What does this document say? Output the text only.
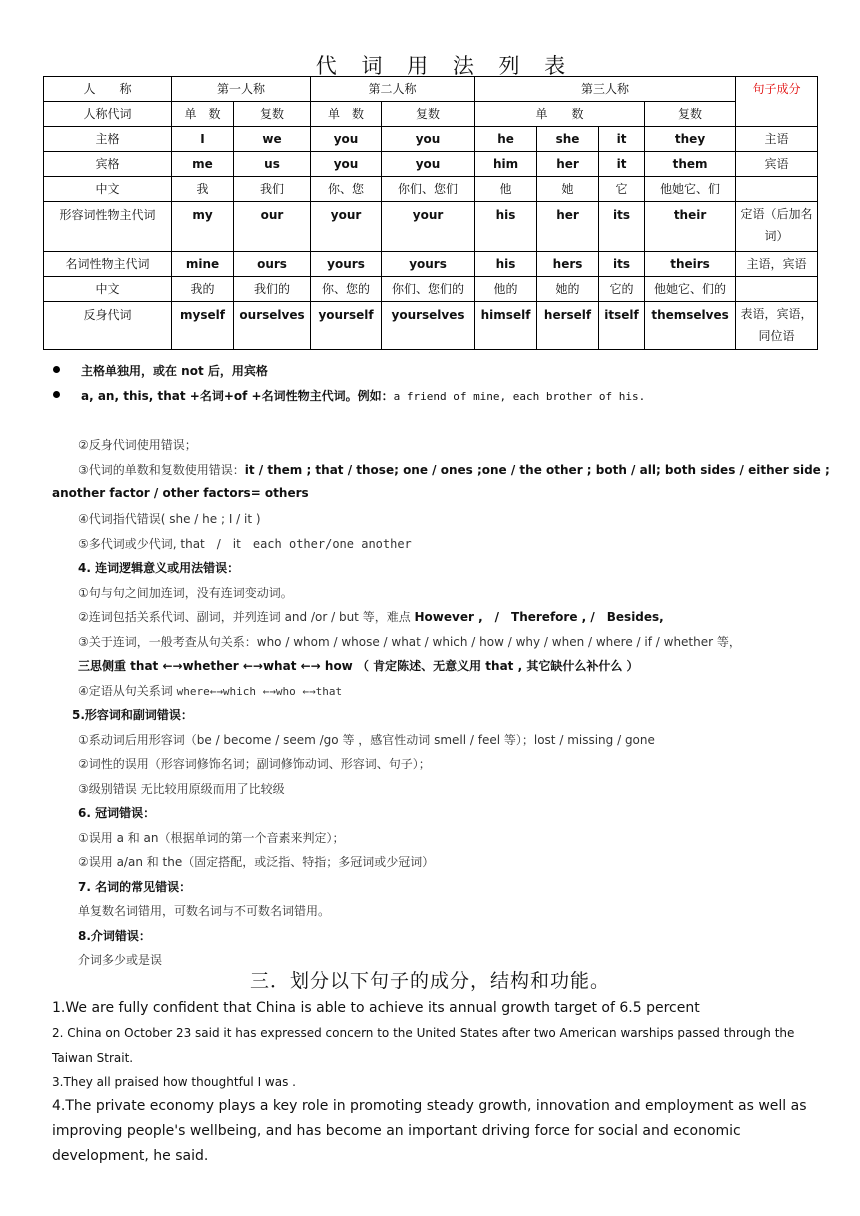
代 词 用 法 列 表
人　　称	第一人称		第二人称		第三人称				句子成分
人称代词	单　数	复数	单　数	复数	单　　数			复数	
主格	I	we	you	you	he	she	it	they	主语
宾格	me	us	you	you	him	her	it	them	宾语
中文	我	我们	你、您	你们、您们	他	她	它	他她它、们	
形容词性物主代词	my	our	your	your	his	her	its	their	定语（后加名词）
名词性物主代词	mine	ours	yours	yours	his	hers	its	theirs	主语，宾语
中文	我的	我们的	你、您的	你们、您们的	他的	她的	它的	他她它、们的	
反身代词	myself	ourselves	yourself	yourselves	himself	herself	itself	themselves	表语，宾语，同位语
主格单独用，或在 not 后，用宾格
a, an, this, that +名词+of +名词性物主代词。例如：a friend of mine, each brother of his.
②反身代词使用错误；
③代词的单数和复数使用错误：it / them ; that / those; one / ones ;one / the other ; both / all; both sides / either side ;
another factor / other factors= others
④代词指代错误( she / he ; I / it )
⑤多代词或少代词, that　/　it　each other/one another
4. 连词逻辑意义或用法错误：
①句与句之间加连词，没有连词变动词。
②连词包括关系代词、副词，并列连词 and /or / but 等，难点 However ,　/　Therefore , /　Besides,
③关于连词，一般考查从句关系：who / whom / whose / what / which / how / why / when / where / if / whether 等，
三思侧重 that ←→whether ←→what ←→ how （ 肯定陈述、无意义用 that , 其它缺什么补什么 ）
④定语从句关系词 where←→which ←→who ←→that
5.形容词和副词错误：
①系动词后用形容词（be / become / seem /go 等 ，感官性动词 smell / feel 等）；lost / missing / gone
②词性的误用（形容词修饰名词；副词修饰动词、形容词、句子）；
③级别错误 无比较用原级而用了比较级
6. 冠词错误：
①误用 a 和 an（根据单词的第一个音素来判定）；
②误用 a/an 和 the（固定搭配，或泛指、特指；多冠词或少冠词）
7. 名词的常见错误：
单复数名词错用，可数名词与不可数名词错用。
8.介词错误：
介词多少或是误
三．划分以下句子的成分，结构和功能。
1.We are fully confident that China is able to achieve its annual growth target of 6.5 percent
2. China on October 23 said it has expressed concern to the United States after two American warships passed through the Taiwan Strait.
3.They all praised how thoughtful I was .
4.The private economy plays a key role in promoting steady growth, innovation and employment as well as improving people's wellbeing, and has become an important driving force for social and economic development, he said.
